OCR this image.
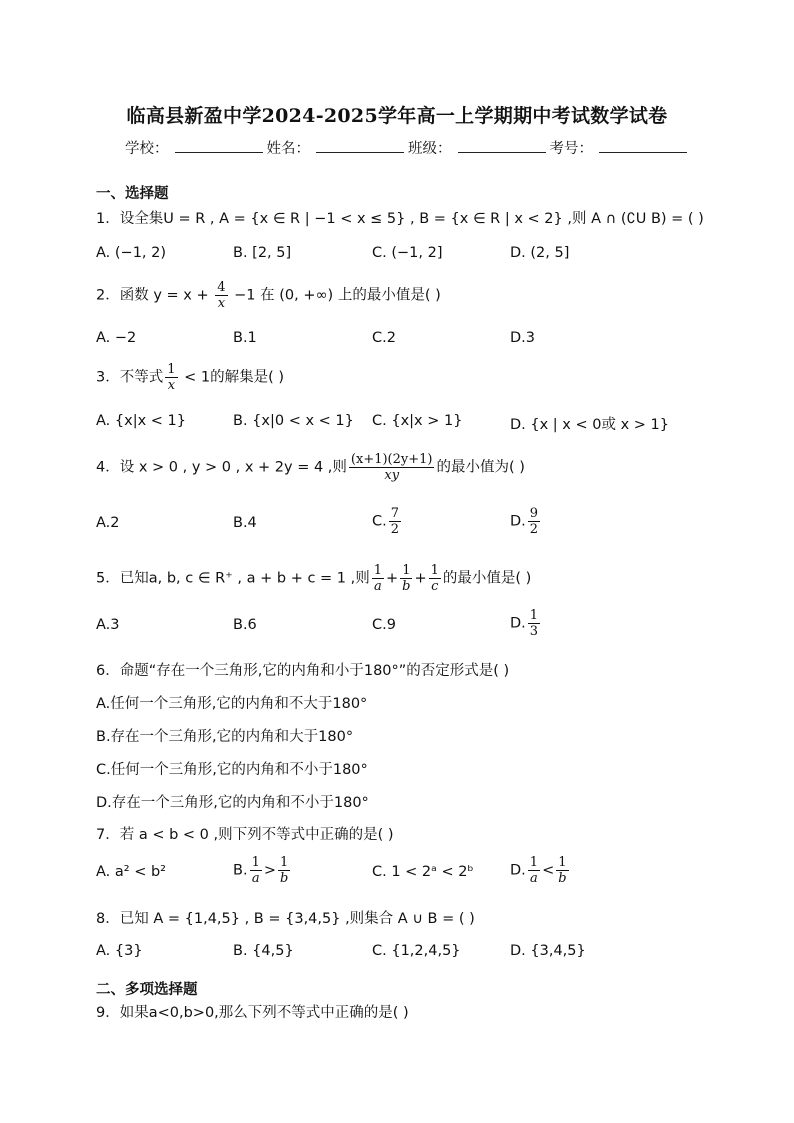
临高县新盈中学2024-2025学年高一上学期期中考试数学试卷
学校：	姓名：	班级：	考号：
一、选择题
1．设全集U = R , A = {x ∈ R | −1 < x ≤ 5} , B = {x ∈ R | x < 2} ,则 A ∩ (∁U B) = ( )
A. (−1, 2)	B. [2, 5]	C. (−1, 2]	D. (2, 5]
2．函数 $y = x + \frac{4}{x} -1$ 在 (0, +∞) 上的最小值是( )
A. −2	B.1	C.2	D.3
3．不等式 $\frac{1}{x} < 1$的解集是( )
A. {x|x < 1}	B. {x|0 < x < 1} C. {x|x > 1}	D. {x | x < 0或 x > 1}
4．设 x > 0 , y > 0 , x + 2y = 4 ,则 $\frac{(x+1)(2y+1)}{xy}$ 的最小值为( )
A.2	B.4	C. $\frac{7}{2}$	D. $\frac{9}{2}$
5．已知a, b, c ∈ R⁺ , a + b + c = 1 ,则 $\frac{1}{a} + \frac{1}{b} + \frac{1}{c}$ 的最小值是( )
A.3	B.6	C.9	D. $\frac{1}{3}$
6．命题“存在一个三角形,它的内角和小于180°”的否定形式是( )
A.任何一个三角形,它的内角和不大于180°
B.存在一个三角形,它的内角和大于180°
C.任何一个三角形,它的内角和不小于180°
D.存在一个三角形,它的内角和不小于180°
7．若 a < b < 0 ,则下列不等式中正确的是( )
A. a² < b²	B. $\frac{1}{a} > \frac{1}{b}$	C. 1 < 2ᵃ < 2ᵇ	D. $\frac{1}{a} < \frac{1}{b}$
8．已知 A = {1,4,5} , B = {3,4,5} ,则集合 A ∪ B = ( )
A. {3}	B. {4,5}	C. {1,2,4,5}	D. {3,4,5}
二、多项选择题
9．如果a<0,b>0,那么下列不等式中正确的是( )
